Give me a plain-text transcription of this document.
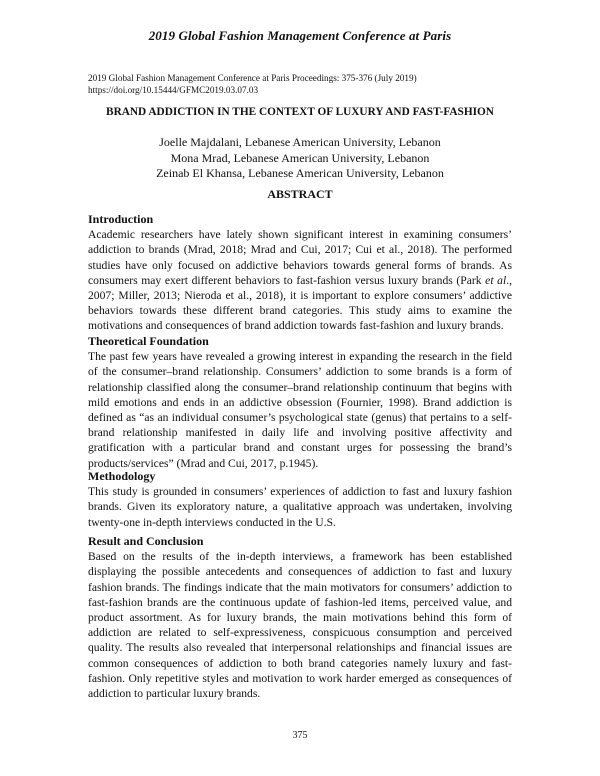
2019 Global Fashion Management Conference at Paris
2019 Global Fashion Management Conference at Paris Proceedings: 375-376 (July 2019)
https://doi.org/10.15444/GFMC2019.03.07.03
BRAND ADDICTION IN THE CONTEXT OF LUXURY AND FAST-FASHION
Joelle Majdalani, Lebanese American University, Lebanon
Mona Mrad, Lebanese American University, Lebanon
Zeinab El Khansa, Lebanese American University, Lebanon
ABSTRACT
Introduction

Academic researchers have lately shown significant interest in examining consumers’ addiction to brands (Mrad, 2018; Mrad and Cui, 2017; Cui et al., 2018). The performed studies have only focused on addictive behaviors towards general forms of brands. As consumers may exert different behaviors to fast-fashion versus luxury brands (Park et al., 2007; Miller, 2013; Nieroda et al., 2018), it is important to explore consumers’ addictive behaviors towards these different brand categories. This study aims to examine the motivations and consequences of brand addiction towards fast-fashion and luxury brands.

Theoretical Foundation

The past few years have revealed a growing interest in expanding the research in the field of the consumer–brand relationship. Consumers’ addiction to some brands is a form of relationship classified along the consumer–brand relationship continuum that begins with mild emotions and ends in an addictive obsession (Fournier, 1998). Brand addiction is defined as “as an individual consumer’s psychological state (genus) that pertains to a self-brand relationship manifested in daily life and involving positive affectivity and gratification with a particular brand and constant urges for possessing the brand’s products/services” (Mrad and Cui, 2017, p.1945).

Methodology

This study is grounded in consumers’ experiences of addiction to fast and luxury fashion brands. Given its exploratory nature, a qualitative approach was undertaken, involving twenty-one in-depth interviews conducted in the U.S.

Result and Conclusion

Based on the results of the in-depth interviews, a framework has been established displaying the possible antecedents and consequences of addiction to fast and luxury fashion brands. The findings indicate that the main motivators for consumers’ addiction to fast-fashion brands are the continuous update of fashion-led items, perceived value, and product assortment. As for luxury brands, the main motivations behind this form of addiction are related to self-expressiveness, conspicuous consumption and perceived quality. The results also revealed that interpersonal relationships and financial issues are common consequences of addiction to both brand categories namely luxury and fast-fashion. Only repetitive styles and motivation to work harder emerged as consequences of addiction to particular luxury brands.

375
